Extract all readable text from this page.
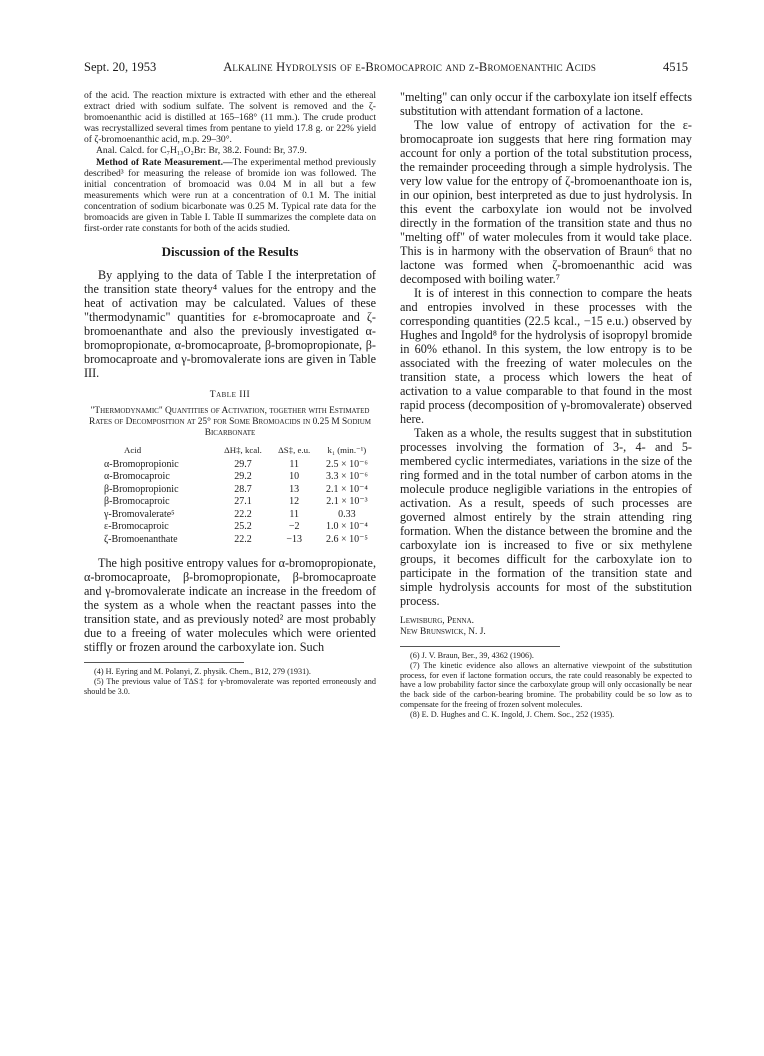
Sept. 20, 1953	Alkaline Hydrolysis of ε-Bromocaproic and ζ-Bromoenanthic Acids	4515

of the acid. The reaction mixture is extracted with ether and the ethereal extract dried with sodium sulfate. The solvent is removed and the ζ-bromoenanthic acid is distilled at 165–168° (11 mm.). The crude product was recrystallized several times from pentane to yield 17.8 g. or 22% yield of ζ-bromoenanthic acid, m.p. 29–30°.

Anal. Calcd. for C₇H₁₃O₂Br: Br, 38.2. Found: Br, 37.9.

Method of Rate Measurement.—The experimental method previously described³ for measuring the release of bromide ion was followed. The initial concentration of bromoacid was 0.04 M in all but a few measurements which were run at a concentration of 0.1 M. The initial concentration of sodium bicarbonate was 0.25 M. Typical rate data for the bromoacids are given in Table I. Table II summarizes the complete data on first-order rate constants for both of the acids studied.

Discussion of the Results

By applying to the data of Table I the interpretation of the transition state theory⁴ values for the entropy and the heat of activation may be calculated. Values of these "thermodynamic" quantities for ε-bromocaproate and ζ-bromoenanthate and also the previously investigated α-bromopropionate, α-bromocaproate, β-bromopropionate, β-bromocaproate and γ-bromovalerate ions are given in Table III.

Table III
"Thermodynamic" Quantities of Activation, together with Estimated Rates of Decomposition at 25° for Some Bromoacids in 0.25 M Sodium Bicarbonate
Acid	ΔH‡, kcal.	ΔS‡, e.u.	k₁ (min.⁻¹)
α-Bromopropionic	29.7	11	2.5 × 10⁻⁶
α-Bromocaproic	29.2	10	3.3 × 10⁻⁶
β-Bromopropionic	28.7	13	2.1 × 10⁻⁴
β-Bromocaproic	27.1	12	2.1 × 10⁻³
γ-Bromovalerate⁵	22.2	11	0.33
ε-Bromocaproic	25.2	−2	1.0 × 10⁻⁴
ζ-Bromoenanthate	22.2	−13	2.6 × 10⁻⁵

The high positive entropy values for α-bromopropionate, α-bromocaproate, β-bromopropionate, β-bromocaproate and γ-bromovalerate indicate an increase in the freedom of the system as a whole when the reactant passes into the transition state, and as previously noted² are most probably due to a freeing of water molecules which were oriented stiffly or frozen around the carboxylate ion. Such

(4) H. Eyring and M. Polanyi, Z. physik. Chem., B12, 279 (1931).
(5) The previous value of TΔS‡ for γ-bromovalerate was reported erroneously and should be 3.0.

"melting" can only occur if the carboxylate ion itself effects substitution with attendant formation of a lactone.

The low value of entropy of activation for the ε-bromocaproate ion suggests that here ring formation may account for only a portion of the total substitution process, the remainder proceeding through a simple hydrolysis. The very low value for the entropy of ζ-bromoenanthoate ion is, in our opinion, best interpreted as due to just hydrolysis. In this event the carboxylate ion would not be involved directly in the formation of the transition state and thus no "melting off" of water molecules from it would take place. This is in harmony with the observation of Braun⁶ that no lactone was formed when ζ-bromoenanthic acid was decomposed with boiling water.⁷

It is of interest in this connection to compare the heats and entropies involved in these processes with the corresponding quantities (22.5 kcal., −15 e.u.) observed by Hughes and Ingold⁸ for the hydrolysis of isopropyl bromide in 60% ethanol. In this system, the low entropy is to be associated with the freezing of water molecules on the transition state, a process which lowers the heat of activation to a value comparable to that found in the most rapid process (decomposition of γ-bromovalerate) observed here.

Taken as a whole, the results suggest that in substitution processes involving the formation of 3-, 4- and 5-membered cyclic intermediates, variations in the size of the ring formed and in the total number of carbon atoms in the molecule produce negligible variations in the entropies of activation. As a result, speeds of such processes are governed almost entirely by the strain attending ring formation. When the distance between the bromine and the carboxylate ion is increased to five or six methylene groups, it becomes difficult for the carboxylate ion to participate in the formation of the transition state and simple hydrolysis accounts for most of the substitution process.

Lewisburg, Penna.
New Brunswick, N. J.
(6) J. V. Braun, Ber., 39, 4362 (1906).
(7) The kinetic evidence also allows an alternative viewpoint of the substitution process, for even if lactone formation occurs, the rate could reasonably be expected to have a low probability factor since the carboxylate group will only occasionally be near the back side of the carbon-bearing bromine. The probability could be so low as to compensate for the freeing of frozen solvent molecules.
(8) E. D. Hughes and C. K. Ingold, J. Chem. Soc., 252 (1935).
